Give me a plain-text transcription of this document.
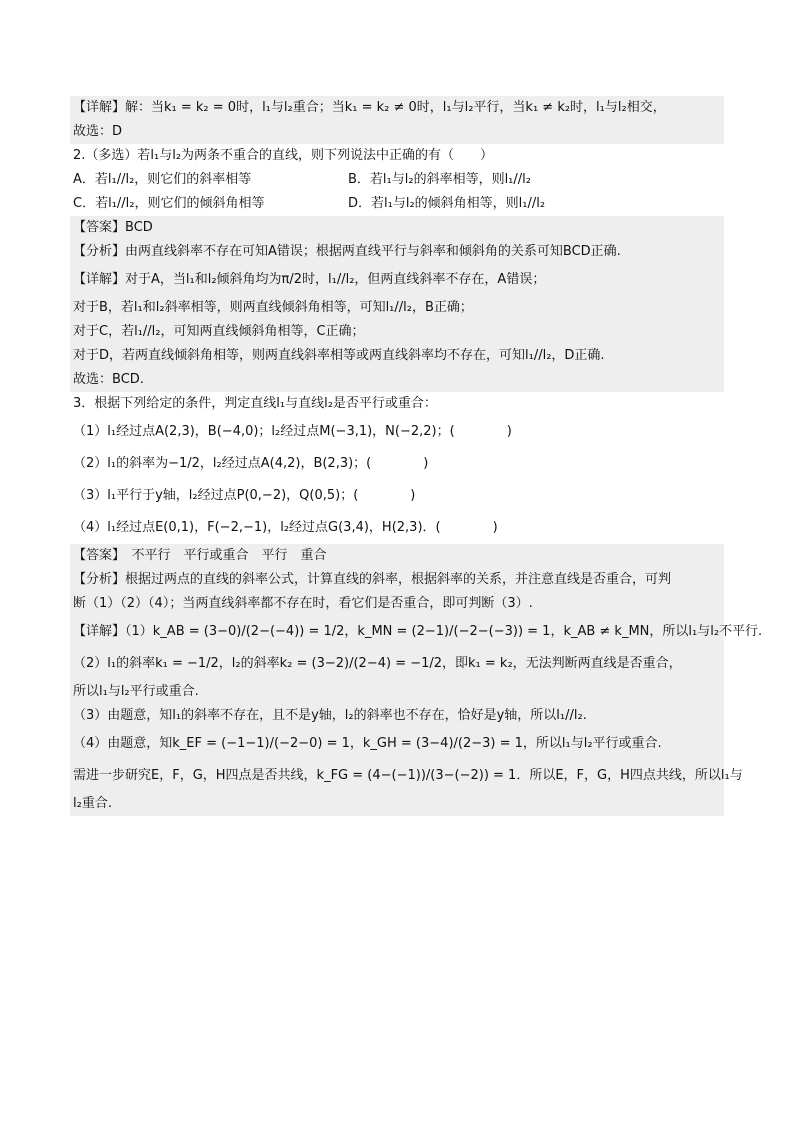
【详解】解：当k₁ = k₂ = 0时，l₁与l₂重合；当k₁ = k₂ ≠ 0时，l₁与l₂平行，当k₁ ≠ k₂时，l₁与l₂相交，
故选：D
2.（多选）若l₁与l₂为两条不重合的直线，则下列说法中正确的有（　　）
A．若l₁//l₂，则它们的斜率相等	B．若l₁与l₂的斜率相等，则l₁//l₂
C．若l₁//l₂，则它们的倾斜角相等	D．若l₁与l₂的倾斜角相等，则l₁//l₂
【答案】BCD
【分析】由两直线斜率不存在可知A错误；根据两直线平行与斜率和倾斜角的关系可知BCD正确.
【详解】对于A，当l₁和l₂倾斜角均为π/2时，l₁//l₂，但两直线斜率不存在，A错误；
对于B，若l₁和l₂斜率相等，则两直线倾斜角相等，可知l₁//l₂，B正确；
对于C，若l₁//l₂，可知两直线倾斜角相等，C正确；
对于D，若两直线倾斜角相等，则两直线斜率相等或两直线斜率均不存在，可知l₁//l₂，D正确.
故选：BCD.
3．根据下列给定的条件，判定直线l₁与直线l₂是否平行或重合：
（1）l₁经过点A(2,3)，B(−4,0)；l₂经过点M(−3,1)，N(−2,2)；(　　　　)
（2）l₁的斜率为−1/2，l₂经过点A(4,2)，B(2,3)；(　　　　)
（3）l₁平行于y轴，l₂经过点P(0,−2)，Q(0,5)；(　　　　)
（4）l₁经过点E(0,1)，F(−2,−1)，l₂经过点G(3,4)，H(2,3)．(　　　　)
【答案】　不平行　平行或重合　平行　重合
【分析】根据过两点的直线的斜率公式，计算直线的斜率，根据斜率的关系，并注意直线是否重合，可判
断（1）（2）（4）；当两直线斜率都不存在时，看它们是否重合，即可判断（3）.
【详解】（1）k_AB = (3−0)/(2−(−4)) = 1/2，k_MN = (2−1)/(−2−(−3)) = 1，k_AB ≠ k_MN，所以l₁与l₂不平行.
（2）l₁的斜率k₁ = −1/2，l₂的斜率k₂ = (3−2)/(2−4) = −1/2，即k₁ = k₂，无法判断两直线是否重合，
所以l₁与l₂平行或重合.
（3）由题意，知l₁的斜率不存在，且不是y轴，l₂的斜率也不存在，恰好是y轴，所以l₁//l₂.
（4）由题意，知k_EF = (−1−1)/(−2−0) = 1，k_GH = (3−4)/(2−3) = 1，所以l₁与l₂平行或重合.
需进一步研究E，F，G，H四点是否共线，k_FG = (4−(−1))/(3−(−2)) = 1．所以E，F，G，H四点共线，所以l₁与
l₂重合.
